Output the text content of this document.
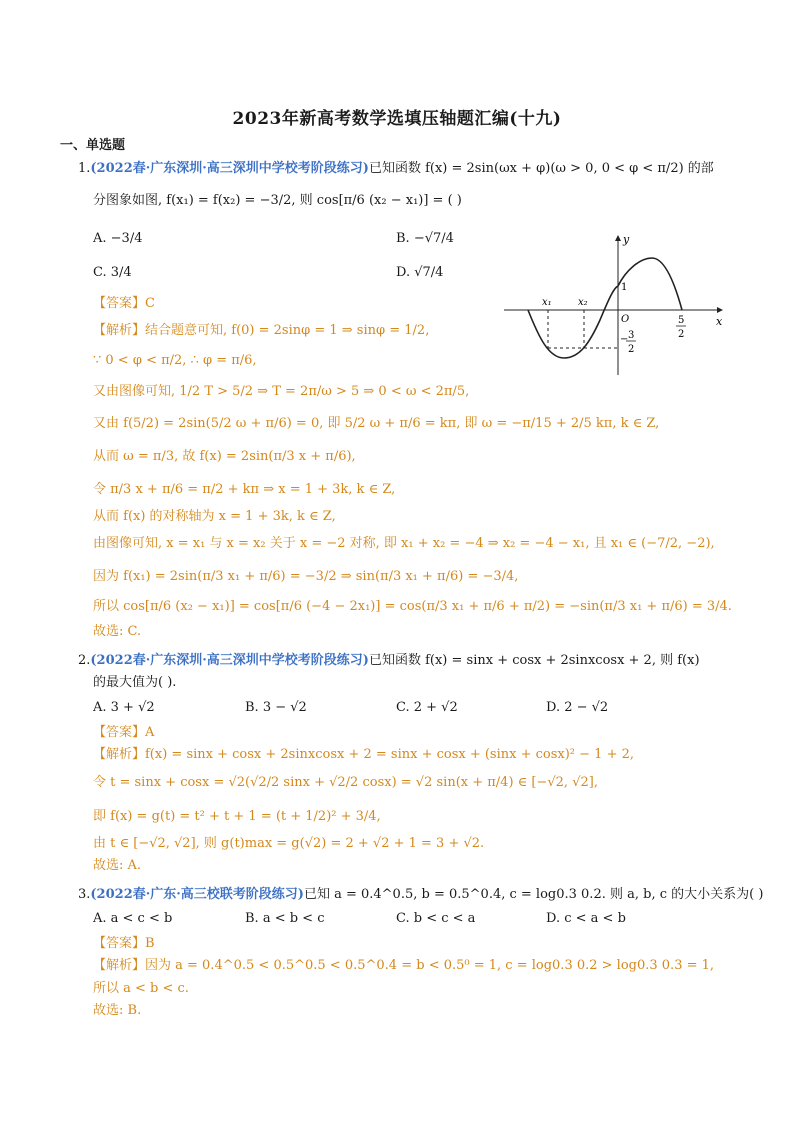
2023年新高考数学选填压轴题汇编(十九)
一、单选题
1.(2022春·广东深圳·高三深圳中学校考阶段练习)已知函数 f(x) = 2sin(ωx + φ)(ω > 0, 0 < φ < π/2) 的部
分图象如图, f(x₁) = f(x₂) = −3/2, 则 cos[π/6 (x₂ − x₁)] = ( )
A. −3/4	B. −√7/4
C. 3/4	D. √7/4
【答案】C
【解析】结合题意可知, f(0) = 2sinφ = 1 ⇒ sinφ = 1/2,
∵ 0 < φ < π/2, ∴ φ = π/6,
又由图像可知, 1/2 T > 5/2 ⇒ T = 2π/ω > 5 ⇒ 0 < ω < 2π/5,
又由 f(5/2) = 2sin(5/2 ω + π/6) = 0, 即 5/2 ω + π/6 = kπ, 即 ω = −π/15 + 2/5 kπ, k ∈ Z,
从而 ω = π/3, 故 f(x) = 2sin(π/3 x + π/6),
令 π/3 x + π/6 = π/2 + kπ ⇒ x = 1 + 3k, k ∈ Z,
从而 f(x) 的对称轴为 x = 1 + 3k, k ∈ Z,
由图像可知, x = x₁ 与 x = x₂ 关于 x = −2 对称, 即 x₁ + x₂ = −4 ⇒ x₂ = −4 − x₁, 且 x₁ ∈ (−7/2, −2),
因为 f(x₁) = 2sin(π/3 x₁ + π/6) = −3/2 ⇒ sin(π/3 x₁ + π/6) = −3/4,
所以 cos[π/6 (x₂ − x₁)] = cos[π/6 (−4 − 2x₁)] = cos(π/3 x₁ + π/6 + π/2) = −sin(π/3 x₁ + π/6) = 3/4.
故选: C.
y
x
1
O
x₁	x₂
5
2
− 3
2
2.(2022春·广东深圳·高三深圳中学校考阶段练习)已知函数 f(x) = sinx + cosx + 2sinxcosx + 2, 则 f(x)
的最大值为( ).
A. 3 + √2	B. 3 − √2	C. 2 + √2	D. 2 − √2
【答案】A
【解析】f(x) = sinx + cosx + 2sinxcosx + 2 = sinx + cosx + (sinx + cosx)² − 1 + 2,
令 t = sinx + cosx = √2(√2/2 sinx + √2/2 cosx) = √2 sin(x + π/4) ∈ [−√2, √2],
即 f(x) = g(t) = t² + t + 1 = (t + 1/2)² + 3/4,
由 t ∈ [−√2, √2], 则 g(t)max = g(√2) = 2 + √2 + 1 = 3 + √2.
故选: A.
3.(2022春·广东·高三校联考阶段练习)已知 a = 0.4^0.5, b = 0.5^0.4, c = log0.3 0.2. 则 a, b, c 的大小关系为( )
A. a < c < b	B. a < b < c	C. b < c < a	D. c < a < b
【答案】B
【解析】因为 a = 0.4^0.5 < 0.5^0.5 < 0.5^0.4 = b < 0.5⁰ = 1, c = log0.3 0.2 > log0.3 0.3 = 1,
所以 a < b < c.
故选: B.
